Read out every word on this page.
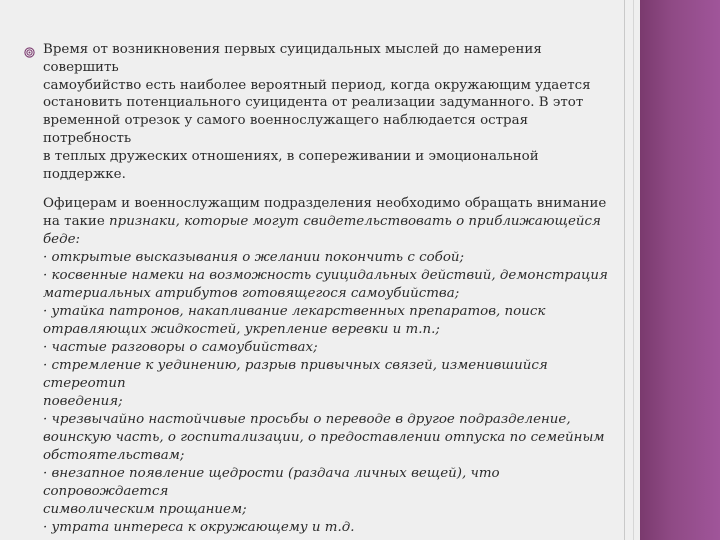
Время от возникновения первых суицидальных мыслей до намерения совершить
самоубийство есть наиболее вероятный период, когда окружающим удается
остановить потенциального суицидента от реализации задуманного. В этот
временной отрезок у самого военнослужащего наблюдается острая потребность
в теплых дружеских отношениях, в сопереживании и эмоциональной поддержке.

Офицерам и военнослужащим подразделения необходимо обращать внимание
на такие признаки, которые могут свидетельствовать о приближающейся
беде:
· открытые высказывания о желании покончить с собой;
· косвенные намеки на возможность суицидальных действий, демонстрация
материальных атрибутов готовящегося самоубийства;
· утайка патронов, накапливание лекарственных препаратов, поиск
отравляющих жидкостей, укрепление веревки и т.п.;
· частые разговоры о самоубийствах;
· стремление к уединению, разрыв привычных связей, изменившийся стереотип
поведения;
· чрезвычайно настойчивые просьбы о переводе в другое подразделение,
воинскую часть, о госпитализации, о предоставлении отпуска по семейным
обстоятельствам;
· внезапное появление щедрости (раздача личных вещей), что сопровождается
символическим прощанием;
· утрата интереса к окружающему и т.д.
